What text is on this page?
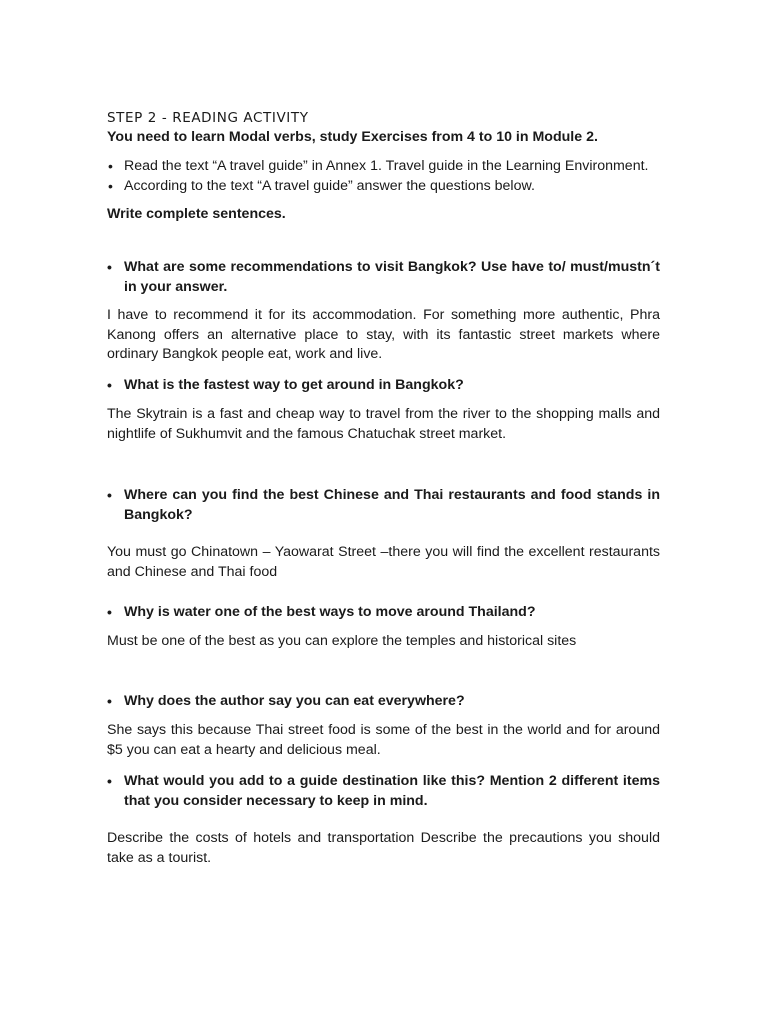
STEP 2 - READING ACTIVITY

You need to learn Modal verbs, study Exercises from 4 to 10 in Module 2.

• Read the text “A travel guide” in Annex 1. Travel guide in the Learning Environment.
• According to the text “A travel guide” answer the questions below.

Write complete sentences.

• What are some recommendations to visit Bangkok? Use have to/ must/mustn´t in your answer.

I have to recommend it for its accommodation. For something more authentic, Phra Kanong offers an alternative place to stay, with its fantastic street markets where ordinary Bangkok people eat, work and live.

• What is the fastest way to get around in Bangkok?

The Skytrain is a fast and cheap way to travel from the river to the shopping malls and nightlife of Sukhumvit and the famous Chatuchak street market.

• Where can you find the best Chinese and Thai restaurants and food stands in Bangkok?

You must go Chinatown – Yaowarat Street –there you will find the excellent restaurants and Chinese and Thai food

• Why is water one of the best ways to move around Thailand?

Must be one of the best as you can explore the temples and historical sites

• Why does the author say you can eat everywhere?

She says this because Thai street food is some of the best in the world and for around $5 you can eat a hearty and delicious meal.

• What would you add to a guide destination like this? Mention 2 different items that you consider necessary to keep in mind.

Describe the costs of hotels and transportation Describe the precautions you should take as a tourist.
